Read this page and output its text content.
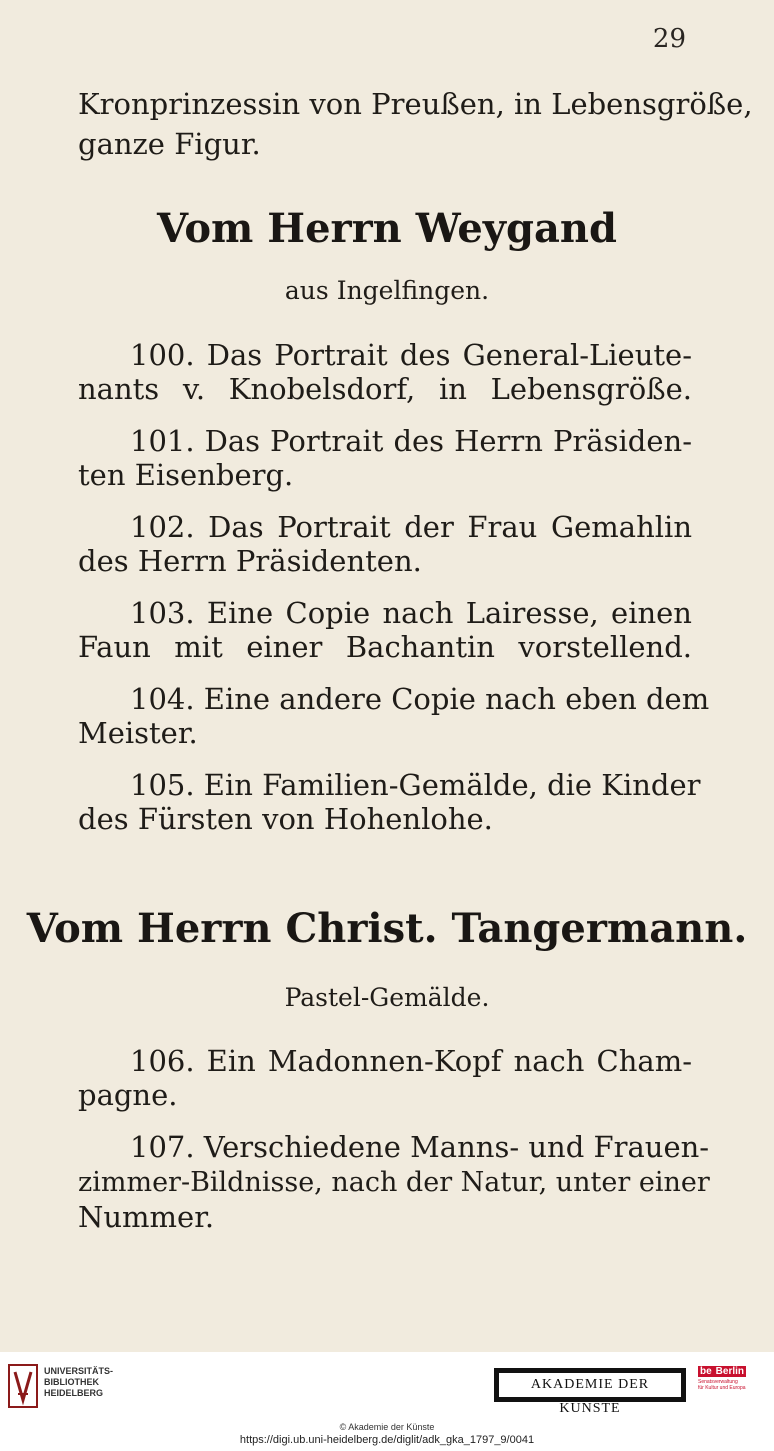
29
Kronprinzessin von Preußen, in Lebensgröße,
ganze Figur.
Vom Herrn Weygand
aus Ingelfingen.
100. Das Portrait des General-Lieute-
nants v. Knobelsdorf, in Lebensgröße.
101. Das Portrait des Herrn Präsiden-
ten Eisenberg.
102. Das Portrait der Frau Gemahlin
des Herrn Präsidenten.
103. Eine Copie nach Lairesse, einen
Faun mit einer Bachantin vorstellend.
104. Eine andere Copie nach eben dem
Meister.
105. Ein Familien-Gemälde, die Kinder
des Fürsten von Hohenlohe.
Vom Herrn Christ. Tangermann.
Pastel-Gemälde.
106. Ein Madonnen-Kopf nach Cham-
pagne.
107. Verschiedene Manns- und Frauen-
zimmer-Bildnisse, nach der Natur, unter einer
Nummer.
UNIVERSITÄTS-
BIBLIOTHEK
HEIDELBERG
AKADEMIE DER KÜNSTE
be Berlin
Senatsverwaltung
für Kultur und Europa
© Akademie der Künste
https://digi.ub.uni-heidelberg.de/diglit/adk_gka_1797_9/0041
